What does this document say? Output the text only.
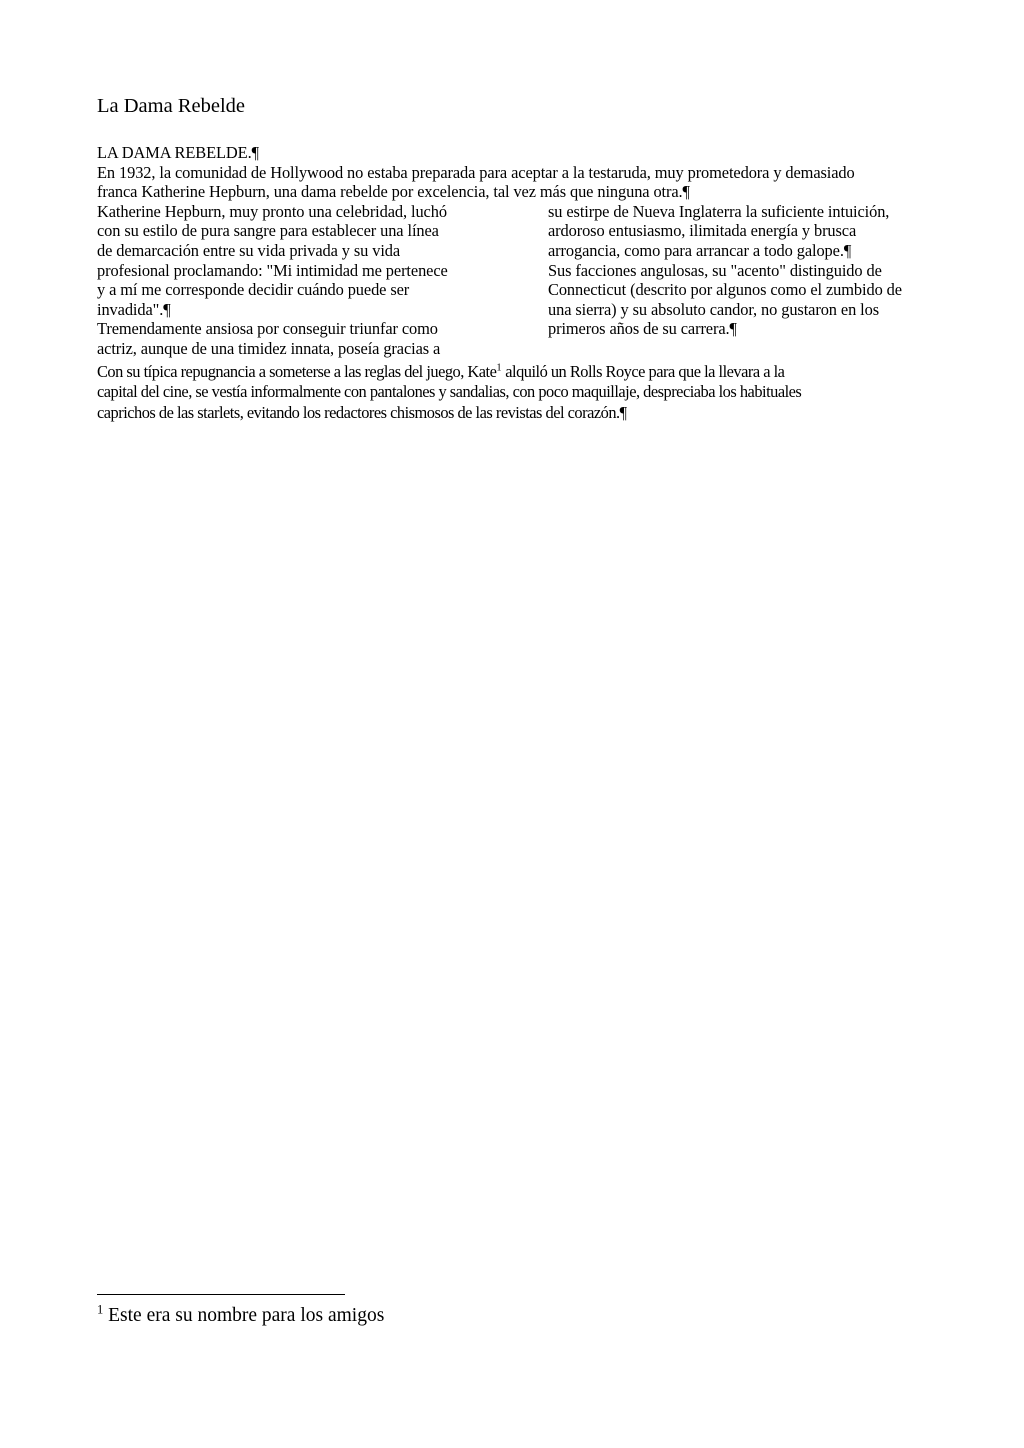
La Dama Rebelde
LA DAMA REBELDE.¶
En 1932, la comunidad de Hollywood no estaba preparada para aceptar a la testaruda, muy prometedora y demasiado
franca Katherine Hepburn, una dama rebelde por excelencia, tal vez más que ninguna otra.¶
Katherine Hepburn, muy pronto una celebridad, luchó
con su estilo de pura sangre para establecer una línea
de demarcación entre su vida privada y su vida
profesional proclamando: "Mi intimidad me pertenece
y a mí me corresponde decidir cuándo puede ser
invadida".¶
Tremendamente ansiosa por conseguir triunfar como
actriz, aunque de una timidez innata, poseía gracias a
su estirpe de Nueva Inglaterra la suficiente intuición,
ardoroso entusiasmo, ilimitada energía y brusca
arrogancia, como para arrancar a todo galope.¶
Sus facciones angulosas, su "acento" distinguido de
Connecticut (descrito por algunos como el zumbido de
una sierra) y su absoluto candor, no gustaron en los
primeros años de su carrera.¶
Con su típica repugnancia a someterse a las reglas del juego, Kate$^1$ alquiló un Rolls Royce para que la llevara a la
capital del cine, se vestía informalmente con pantalones y sandalias, con poco maquillaje, despreciaba los habituales
caprichos de las starlets, evitando los redactores chismosos de las revistas del corazón.¶
$^1$ Este era su nombre para los amigos
